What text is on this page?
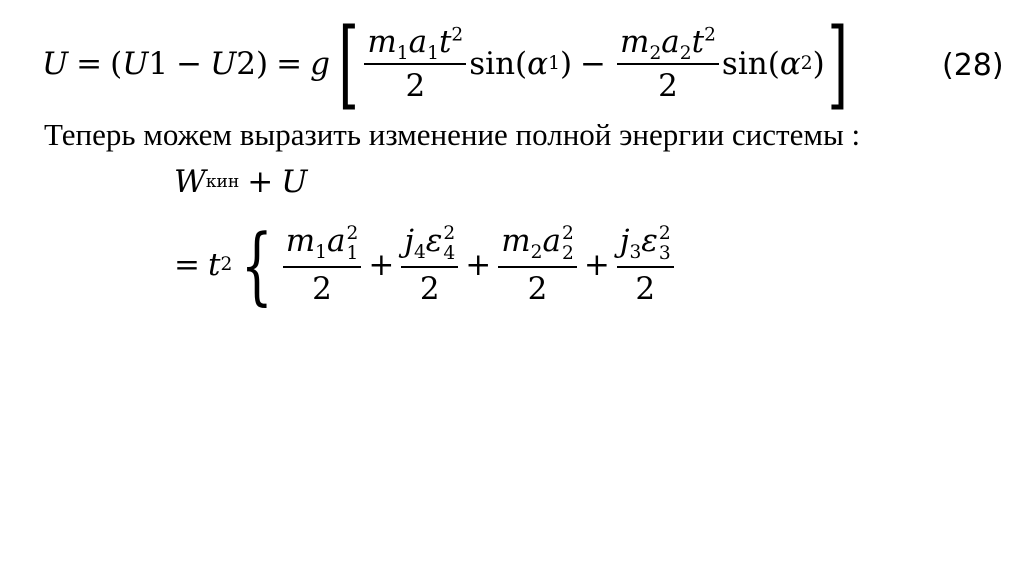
U = ( U 1 − U 2 ) = g [ $\frac{m_1a_1t^2}{2} \sin$( α 1 ) − $\frac{m_2a_2t^2}{2} \sin$( α 2 ) ]	(28)
Теперь можем выразить изменение полной энергии системы :
W кин + U
= t 2 { $m_1a$ 2
1
$2 + j_4\varepsilon$ 2
4
$2 + m_2a$ 2
2
$2 + j_3\varepsilon$ 2
3
2
